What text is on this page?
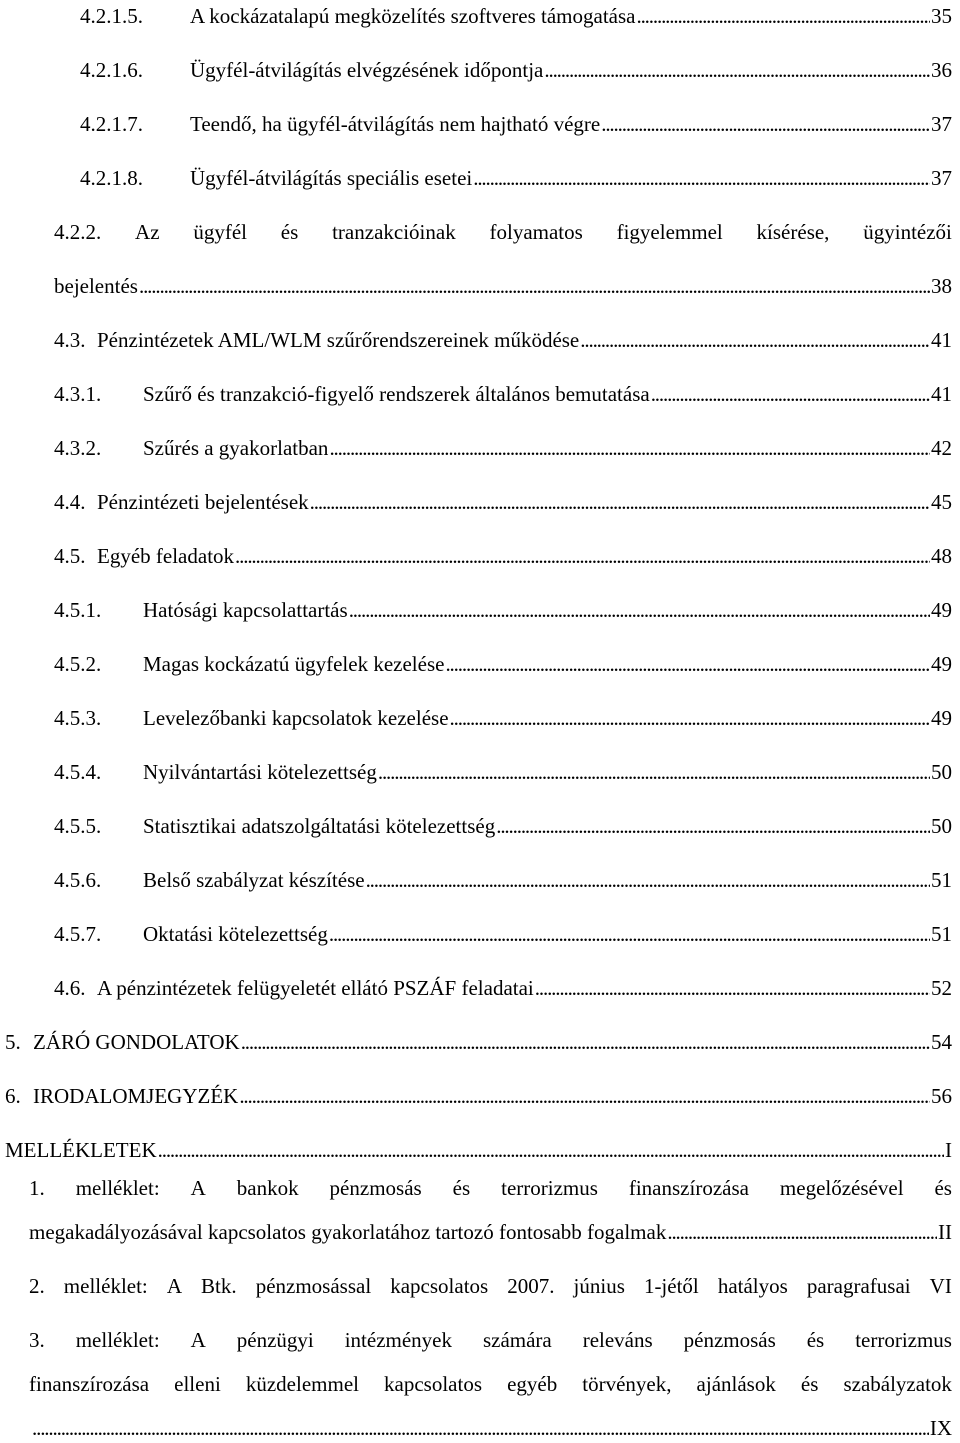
4.2.1.5.	A kockázatalapú megközelítés szoftveres támogatása . . .	35
4.2.1.6.	Ügyfél-átvilágítás elvégzésének időpontja . . .	36
4.2.1.7.	Teendő, ha ügyfél-átvilágítás nem hajtható végre . . .	37
4.2.1.8.	Ügyfél-átvilágítás speciális esetei . . .	37
4.2.2. Az ügyfél és tranzakcióinak folyamatos figyelemmel kísérése, ügyintézői
bejelentés . . .	38
4.3. Pénzintézetek AML/WLM szűrőrendszereinek működése . . .	41
4.3.1.	Szűrő és tranzakció-figyelő rendszerek általános bemutatása . . .	41
4.3.2.	Szűrés a gyakorlatban . . .	42
4.4. Pénzintézeti bejelentések . . .	45
4.5. Egyéb feladatok . . .	48
4.5.1.	Hatósági kapcsolattartás . . .	49
4.5.2.	Magas kockázatú ügyfelek kezelése . . .	49
4.5.3.	Levelezőbanki kapcsolatok kezelése . . .	49
4.5.4.	Nyilvántartási kötelezettség . . .	50
4.5.5.	Statisztikai adatszolgáltatási kötelezettség . . .	50
4.5.6.	Belső szabályzat készítése . . .	51
4.5.7.	Oktatási kötelezettség . . .	51
4.6. A pénzintézetek felügyeletét ellátó PSZÁF feladatai . . .	52
5. ZÁRÓ GONDOLATOK . . .	54
6. IRODALOMJEGYZÉK . . .	56
MELLÉKLETEK . . .	I
1. melléklet: A bankok pénzmosás és terrorizmus finanszírozása megelőzésével és
megakadályozásával kapcsolatos gyakorlatához tartozó fontosabb fogalmak . . .	II
2. melléklet: A Btk. pénzmosással kapcsolatos 2007. június 1-jétől hatályos paragrafusai VI
3. melléklet: A pénzügyi intézmények számára releváns pénzmosás és terrorizmus
finanszírozása elleni küzdelemmel kapcsolatos egyéb törvények, ajánlások és szabályzatok
. . .
IX
